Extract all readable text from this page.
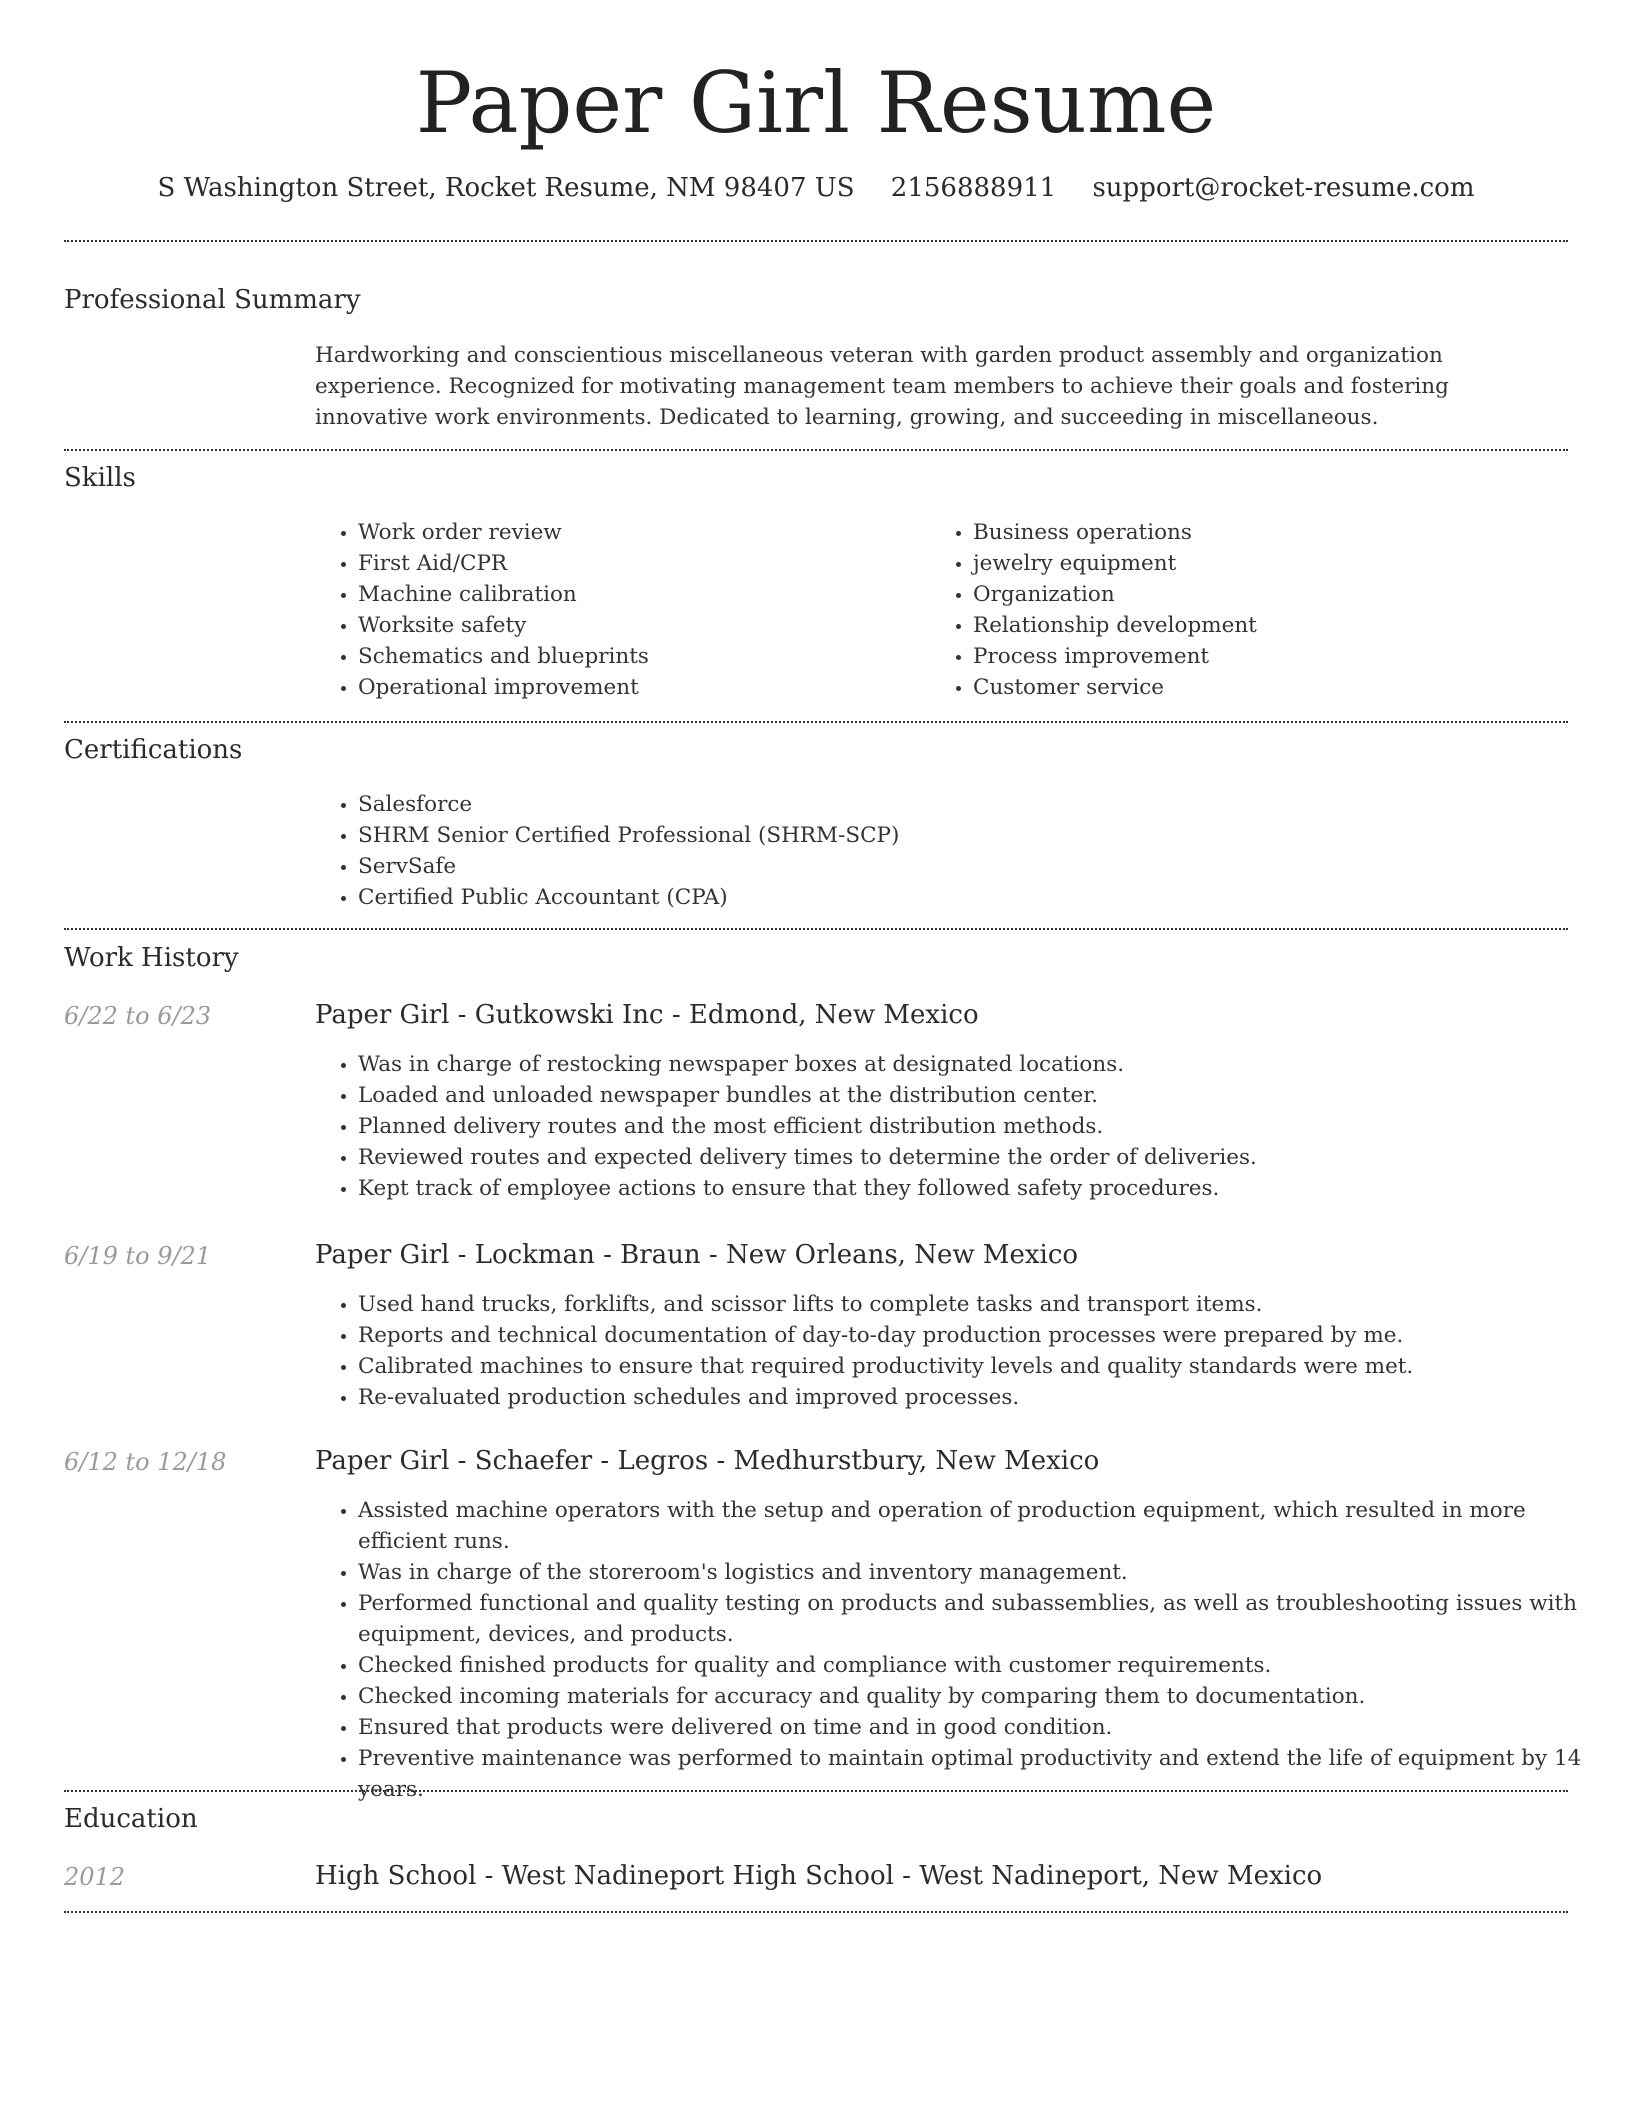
Paper Girl Resume
S Washington Street, Rocket Resume, NM 98407 US 2156888911 support@rocket-resume.com
Professional Summary
Hardworking and conscientious miscellaneous veteran with garden product assembly and organization experience. Recognized for motivating management team members to achieve their goals and fostering innovative work environments. Dedicated to learning, growing, and succeeding in miscellaneous.
Skills
• Work order review
• First Aid/CPR
• Machine calibration
• Worksite safety
• Schematics and blueprints
• Operational improvement
• Business operations
• jewelry equipment
• Organization
• Relationship development
• Process improvement
• Customer service
Certifications
• Salesforce
• SHRM Senior Certified Professional (SHRM-SCP)
• ServSafe
• Certified Public Accountant (CPA)
Work History
6/22 to 6/23	Paper Girl - Gutkowski Inc - Edmond, New Mexico
• Was in charge of restocking newspaper boxes at designated locations.
• Loaded and unloaded newspaper bundles at the distribution center.
• Planned delivery routes and the most efficient distribution methods.
• Reviewed routes and expected delivery times to determine the order of deliveries.
• Kept track of employee actions to ensure that they followed safety procedures.
6/19 to 9/21	Paper Girl - Lockman - Braun - New Orleans, New Mexico
• Used hand trucks, forklifts, and scissor lifts to complete tasks and transport items.
• Reports and technical documentation of day-to-day production processes were prepared by me.
• Calibrated machines to ensure that required productivity levels and quality standards were met.
• Re-evaluated production schedules and improved processes.
6/12 to 12/18	Paper Girl - Schaefer - Legros - Medhurstbury, New Mexico
• Assisted machine operators with the setup and operation of production equipment, which resulted in more efficient runs.
• Was in charge of the storeroom's logistics and inventory management.
• Performed functional and quality testing on products and subassemblies, as well as troubleshooting issues with equipment, devices, and products.
• Checked finished products for quality and compliance with customer requirements.
• Checked incoming materials for accuracy and quality by comparing them to documentation.
• Ensured that products were delivered on time and in good condition.
• Preventive maintenance was performed to maintain optimal productivity and extend the life of equipment by 14 years.
Education
2012	High School - West Nadineport High School - West Nadineport, New Mexico
